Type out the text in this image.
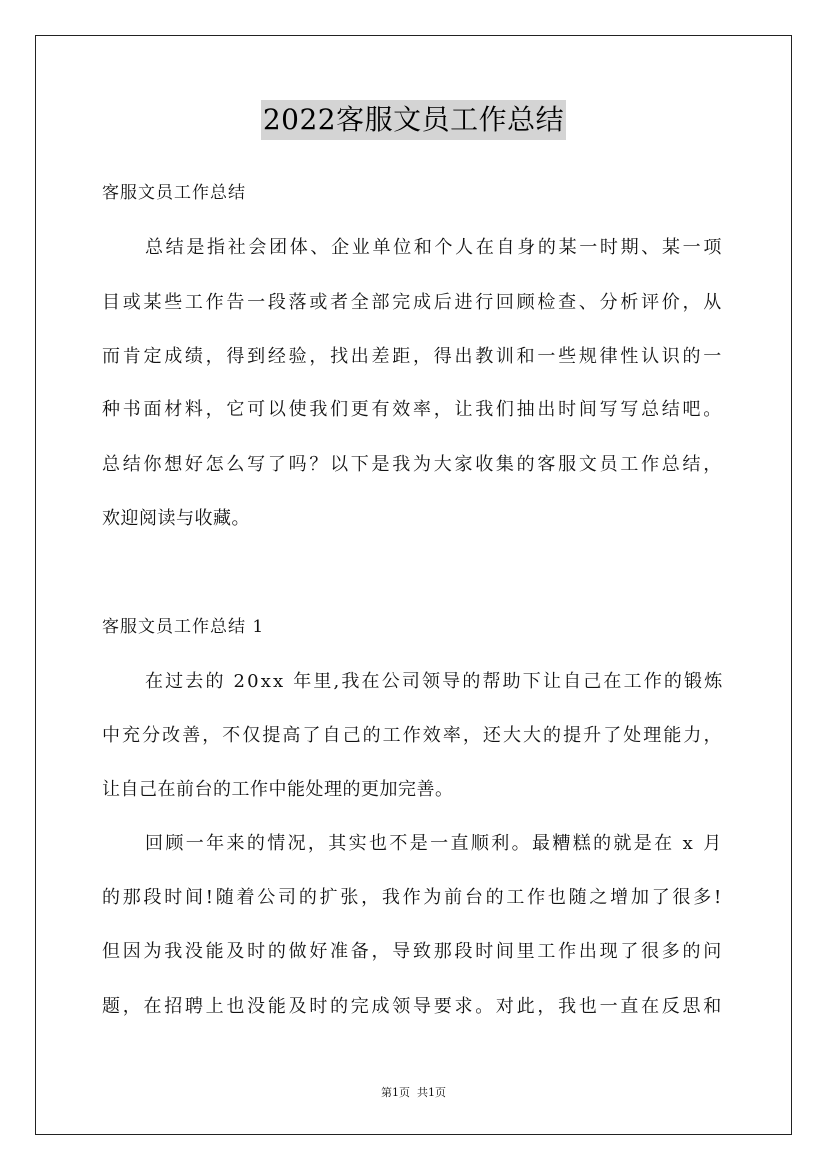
2022客服文员工作总结
客服文员工作总结
总结是指社会团体、企业单位和个人在自身的某一时期、某一项
目或某些工作告一段落或者全部完成后进行回顾检查、分析评价，从
而肯定成绩，得到经验，找出差距，得出教训和一些规律性认识的一
种书面材料，它可以使我们更有效率，让我们抽出时间写写总结吧。
总结你想好怎么写了吗？以下是我为大家收集的客服文员工作总结，
欢迎阅读与收藏。
客服文员工作总结 1
在过去的 20xx 年里,我在公司领导的帮助下让自己在工作的锻炼
中充分改善，不仅提高了自己的工作效率，还大大的提升了处理能力，
让自己在前台的工作中能处理的更加完善。
回顾一年来的情况，其实也不是一直顺利。最糟糕的就是在 x 月
的那段时间!随着公司的扩张，我作为前台的工作也随之增加了很多!
但因为我没能及时的做好准备，导致那段时间里工作出现了很多的问
题，在招聘上也没能及时的完成领导要求。对此，我也一直在反思和
第1页  共1页
